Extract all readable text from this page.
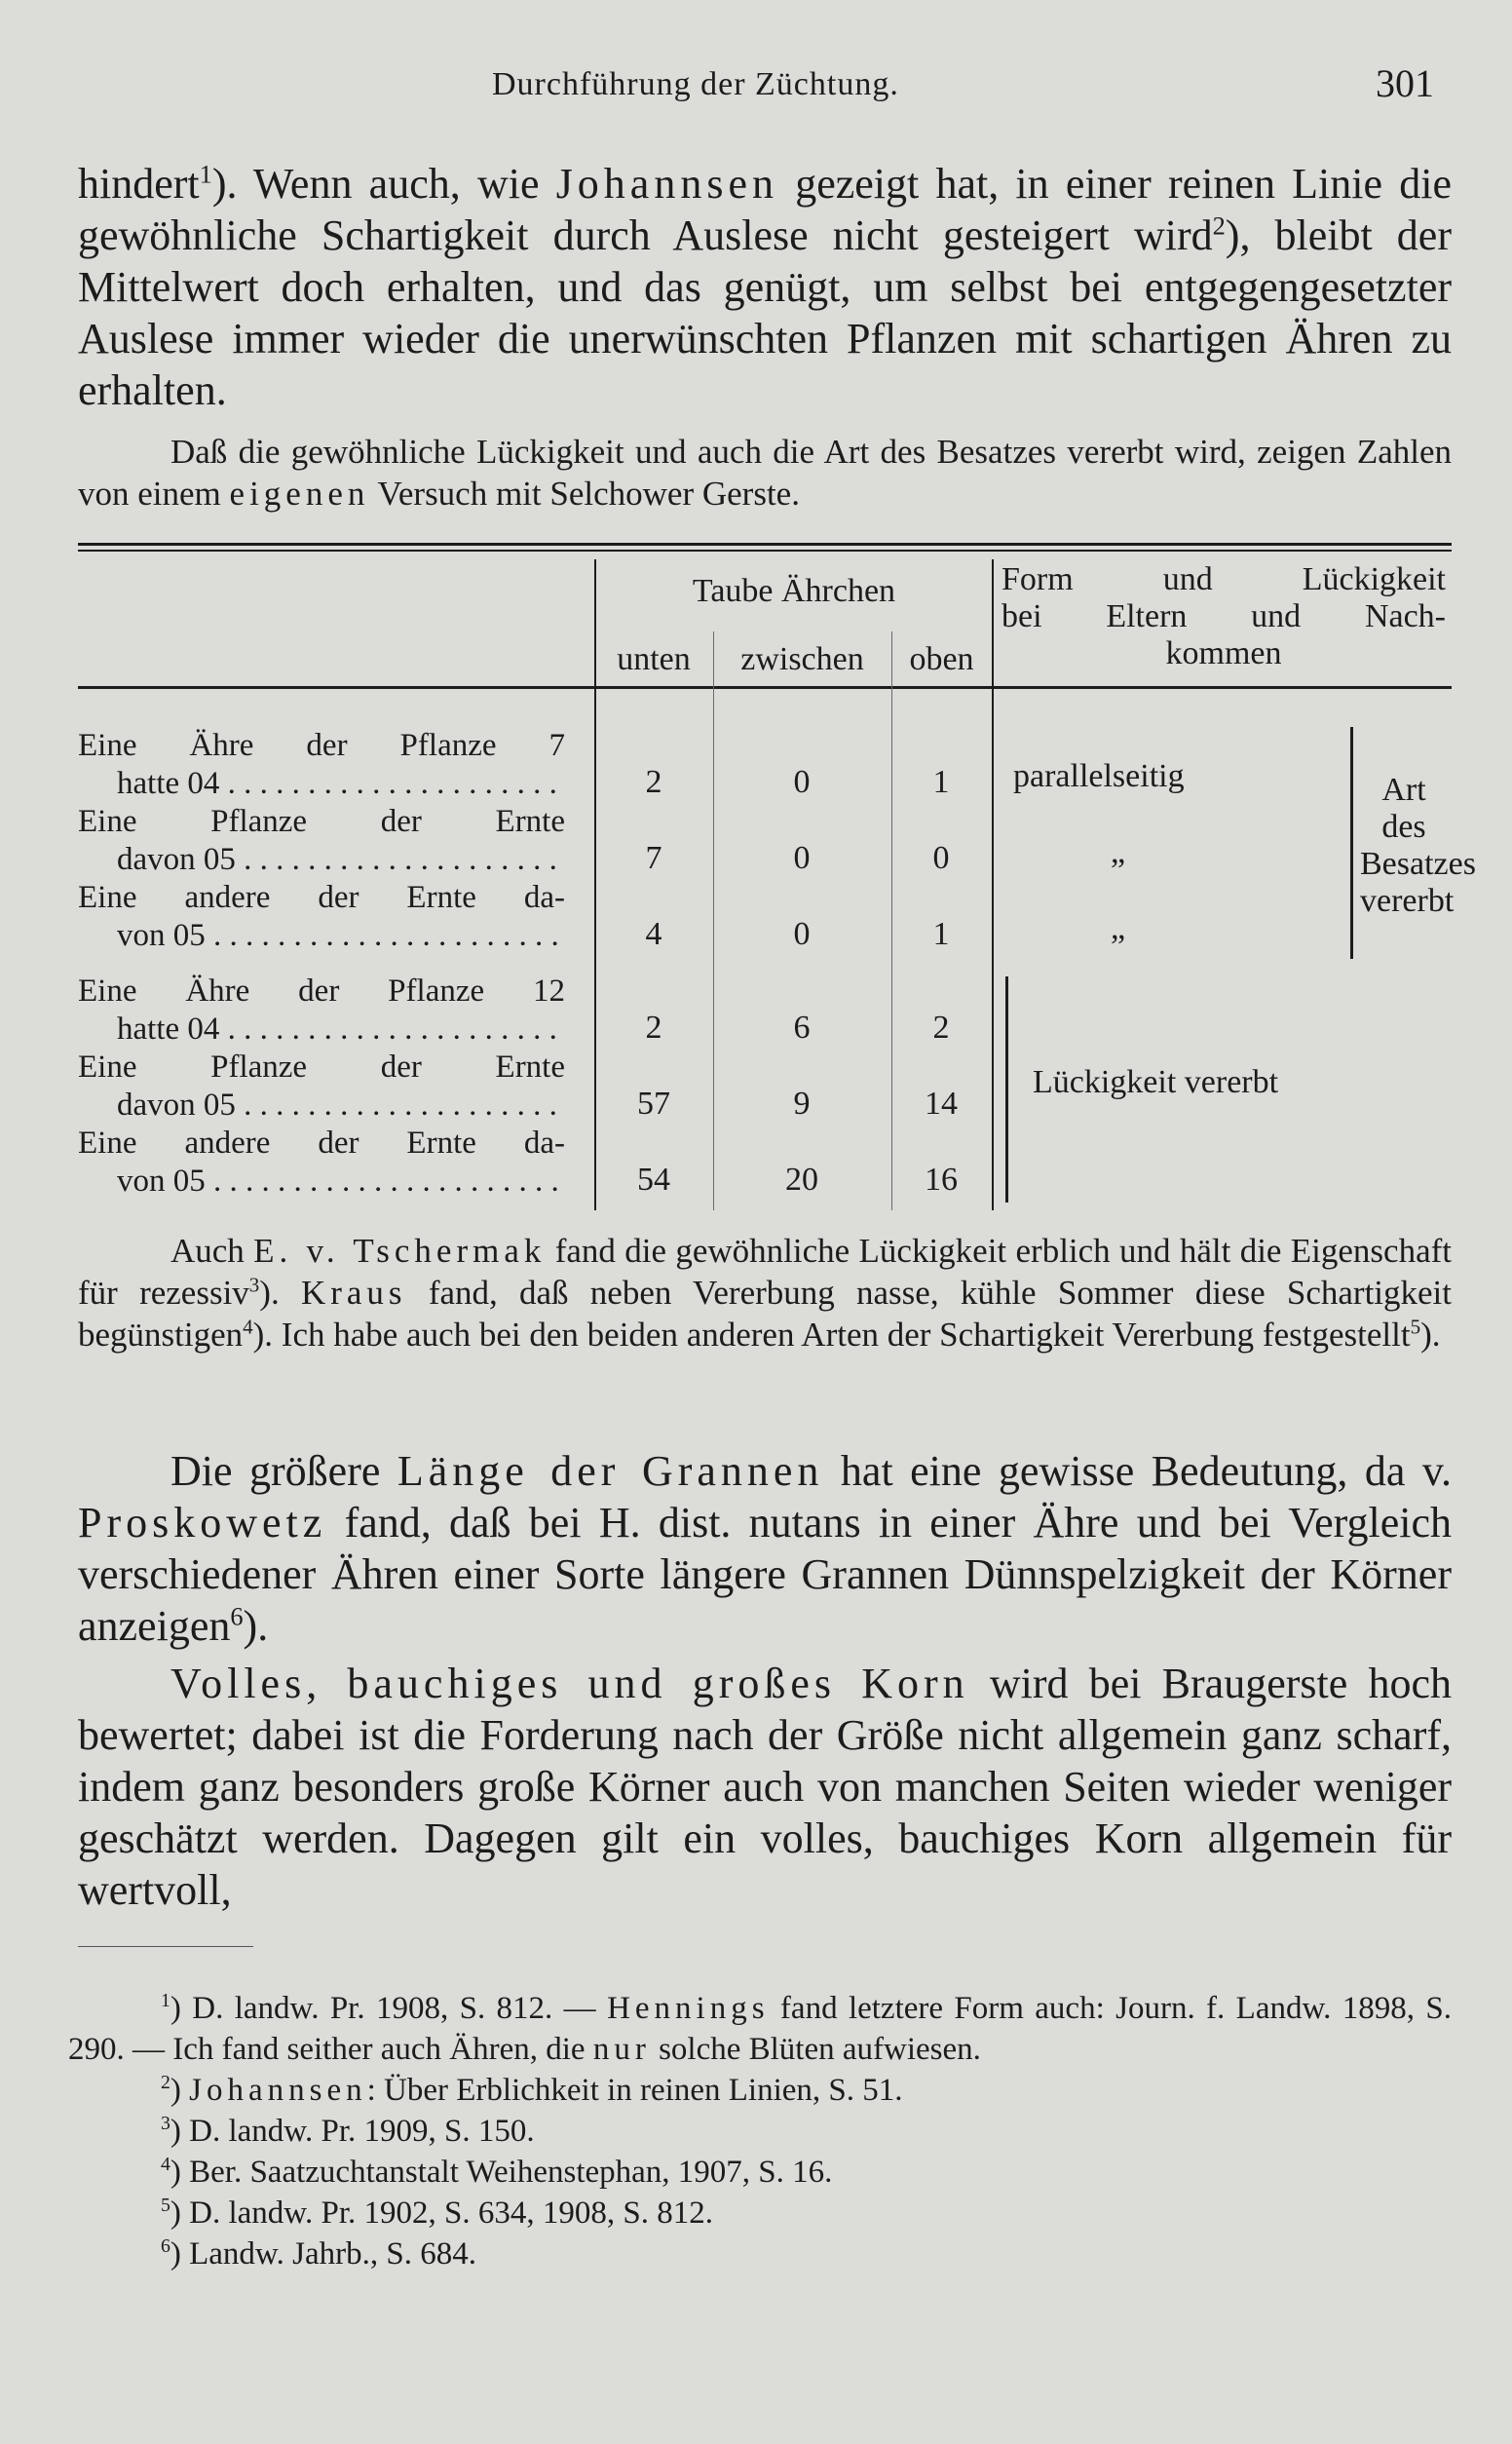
Durchführung der Züchtung.	301

hindert$^1$). Wenn auch, wie Johannsen gezeigt hat, in einer reinen Linie die gewöhnliche Schartigkeit durch Auslese nicht gesteigert wird$^2$), bleibt der Mittelwert doch erhalten, und das genügt, um selbst bei entgegengesetzter Auslese immer wieder die unerwünschten Pflanzen mit schartigen Ähren zu erhalten.

Daß die gewöhnliche Lückigkeit und auch die Art des Besatzes vererbt wird, zeigen Zahlen von einem eigenen Versuch mit Selchower Gerste.

Taube Ährchen
unten	zwischen	oben
Form und Lückigkeit
bei Eltern und Nach-
kommen
Eine Ähre der Pflanze 7
hatte 04 . . .	2	0	1	parallelseitig
Eine Pflanze der Ernte
davon 05 . . .	7	0	0	„
Eine andere der Ernte da-
von 05 . . .	4	0	1	„
Art des
Besatzes
vererbt
Eine Ähre der Pflanze 12
hatte 04 . . .	2	6	2
Eine Pflanze der Ernte
davon 05 . . .	57	9	14
Eine andere der Ernte da-
von 05 . . .	54	20	16
Lückigkeit vererbt

Auch E. v. Tschermak fand die gewöhnliche Lückigkeit erblich und hält die Eigenschaft für rezessiv$^3$). Kraus fand, daß neben Vererbung nasse, kühle Sommer diese Schartigkeit begünstigen$^4$). Ich habe auch bei den beiden anderen Arten der Schartigkeit Vererbung festgestellt$^5$).

Die größere Länge der Grannen hat eine gewisse Bedeutung, da v. Proskowetz fand, daß bei H. dist. nutans in einer Ähre und bei Vergleich verschiedener Ähren einer Sorte längere Grannen Dünnspelzigkeit der Körner anzeigen$^6$).

Volles, bauchiges und großes Korn wird bei Braugerste hoch bewertet; dabei ist die Forderung nach der Größe nicht allgemein ganz scharf, indem ganz besonders große Körner auch von manchen Seiten wieder weniger geschätzt werden. Dagegen gilt ein volles, bauchiges Korn allgemein für wertvoll,

$^1$) D. landw. Pr. 1908, S. 812. — Hennings fand letztere Form auch: Journ. f. Landw. 1898, S. 290. — Ich fand seither auch Ähren, die nur solche Blüten aufwiesen.

$^2$) Johannsen: Über Erblichkeit in reinen Linien, S. 51.

$^3$) D. landw. Pr. 1909, S. 150.

$^4$) Ber. Saatzuchtanstalt Weihenstephan, 1907, S. 16.

$^5$) D. landw. Pr. 1902, S. 634, 1908, S. 812.

$^6$) Landw. Jahrb., S. 684.
